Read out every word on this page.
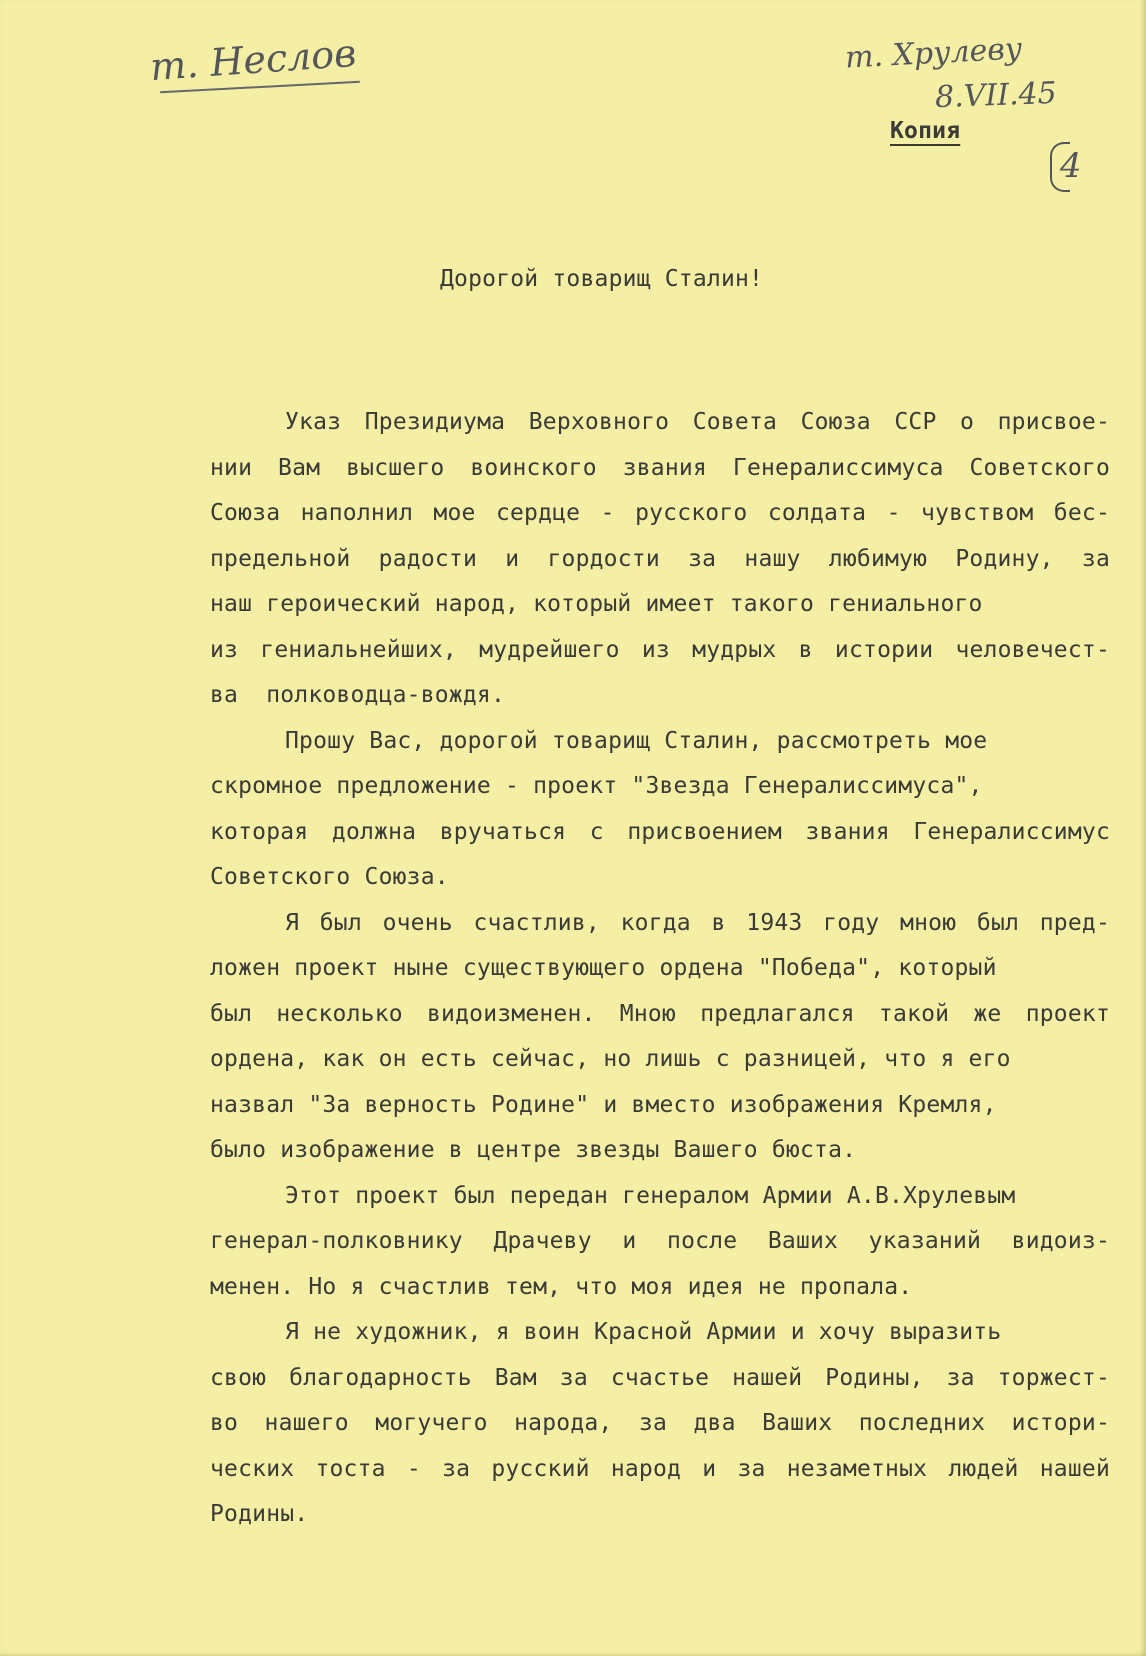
т. Неслов	т. Хрулеву
8.VII.45
4
Копия
Дорогой товарищ Сталин!
Указ Президиума Верховного Совета Союза ССР о присвое-
нии Вам высшего воинского звания Генералиссимуса Советского
Союза наполнил мое сердце - русского солдата - чувством бес-
предельной радости и гордости за нашу любимую Родину, за
наш героический народ, который имеет такого гениального
из гениальнейших, мудрейшего из мудрых в истории человечест-
ва  полководца-вождя.
Прошу Вас, дорогой товарищ Сталин, рассмотреть мое
скромное предложение - проект "Звезда Генералиссимуса",
которая должна вручаться с присвоением звания Генералиссимус
Советского Союза.
Я был очень счастлив, когда в 1943 году мною был пред-
ложен проект ныне существующего ордена "Победа", который
был несколько видоизменен. Мною предлагался такой же проект
ордена, как он есть сейчас, но лишь с разницей, что я его
назвал "За верность Родине" и вместо изображения Кремля,
было изображение в центре звезды Вашего бюста.
Этот проект был передан генералом Армии А.В.Хрулевым
генерал-полковнику Драчеву и после Ваших указаний видоиз-
менен. Но я счастлив тем, что моя идея не пропала.
Я не художник, я воин Красной Армии и хочу выразить
свою благодарность Вам за счастье нашей Родины, за торжест-
во нашего могучего народа, за два Ваших последних истори-
ческих тоста - за русский народ и за незаметных людей нашей
Родины.
